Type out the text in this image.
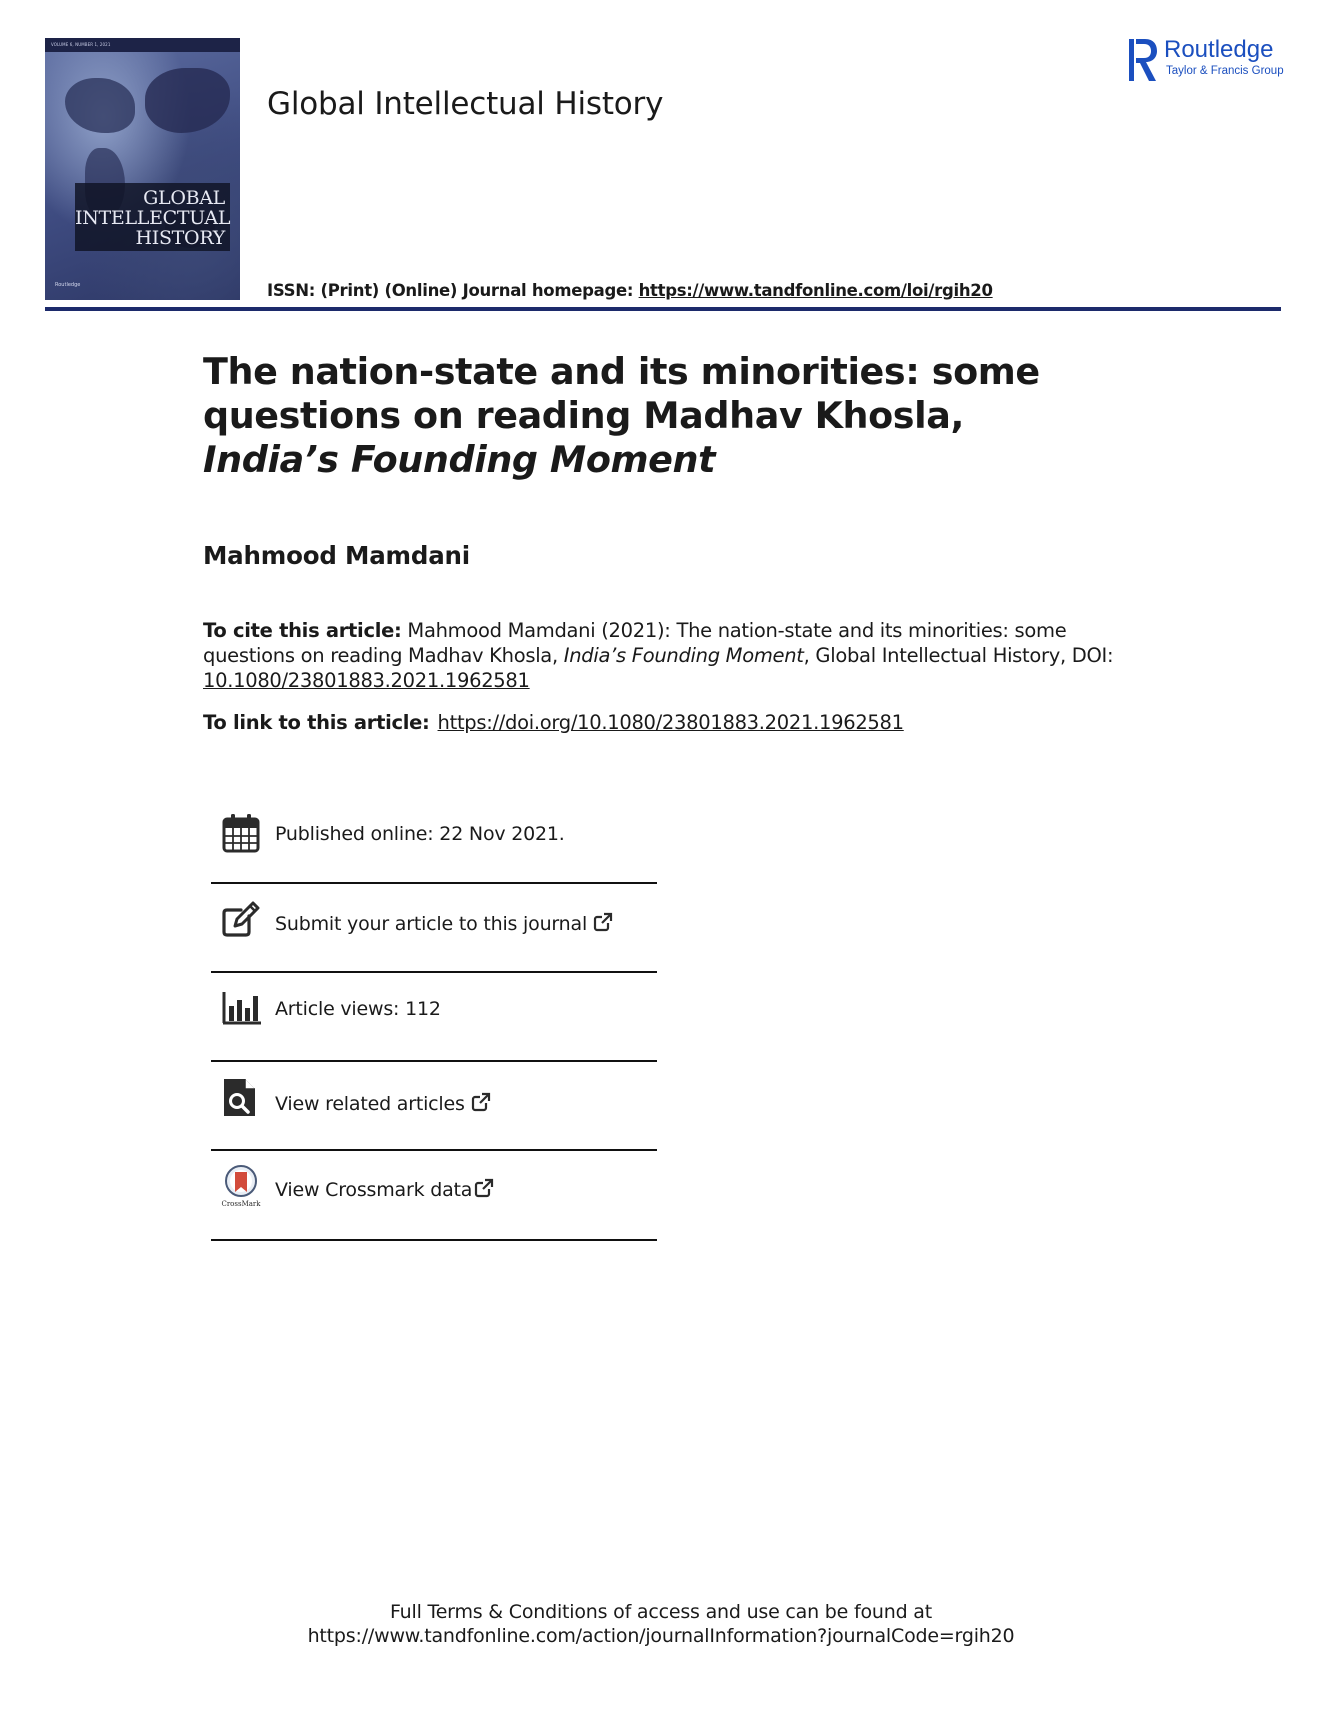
VOLUME 6, NUMBER 1, 2021
GLOBAL
INTELLECTUAL
HISTORY
Routledge
Global Intellectual History
ISSN: (Print) (Online) Journal homepage: https://www.tandfonline.com/loi/rgih20
Routledge
Taylor & Francis Group
The nation-state and its minorities: some questions on reading Madhav Khosla, India’s Founding Moment
Mahmood Mamdani
To cite this article: Mahmood Mamdani (2021): The nation-state and its minorities: some questions on reading Madhav Khosla, India’s Founding Moment, Global Intellectual History, DOI:
10.1080/23801883.2021.1962581
To link to this article: https://doi.org/10.1080/23801883.2021.1962581
Published online: 22 Nov 2021.
Submit your article to this journal
Article views: 112
View related articles
CrossMark
View Crossmark data
Full Terms & Conditions of access and use can be found at
https://www.tandfonline.com/action/journalInformation?journalCode=rgih20
